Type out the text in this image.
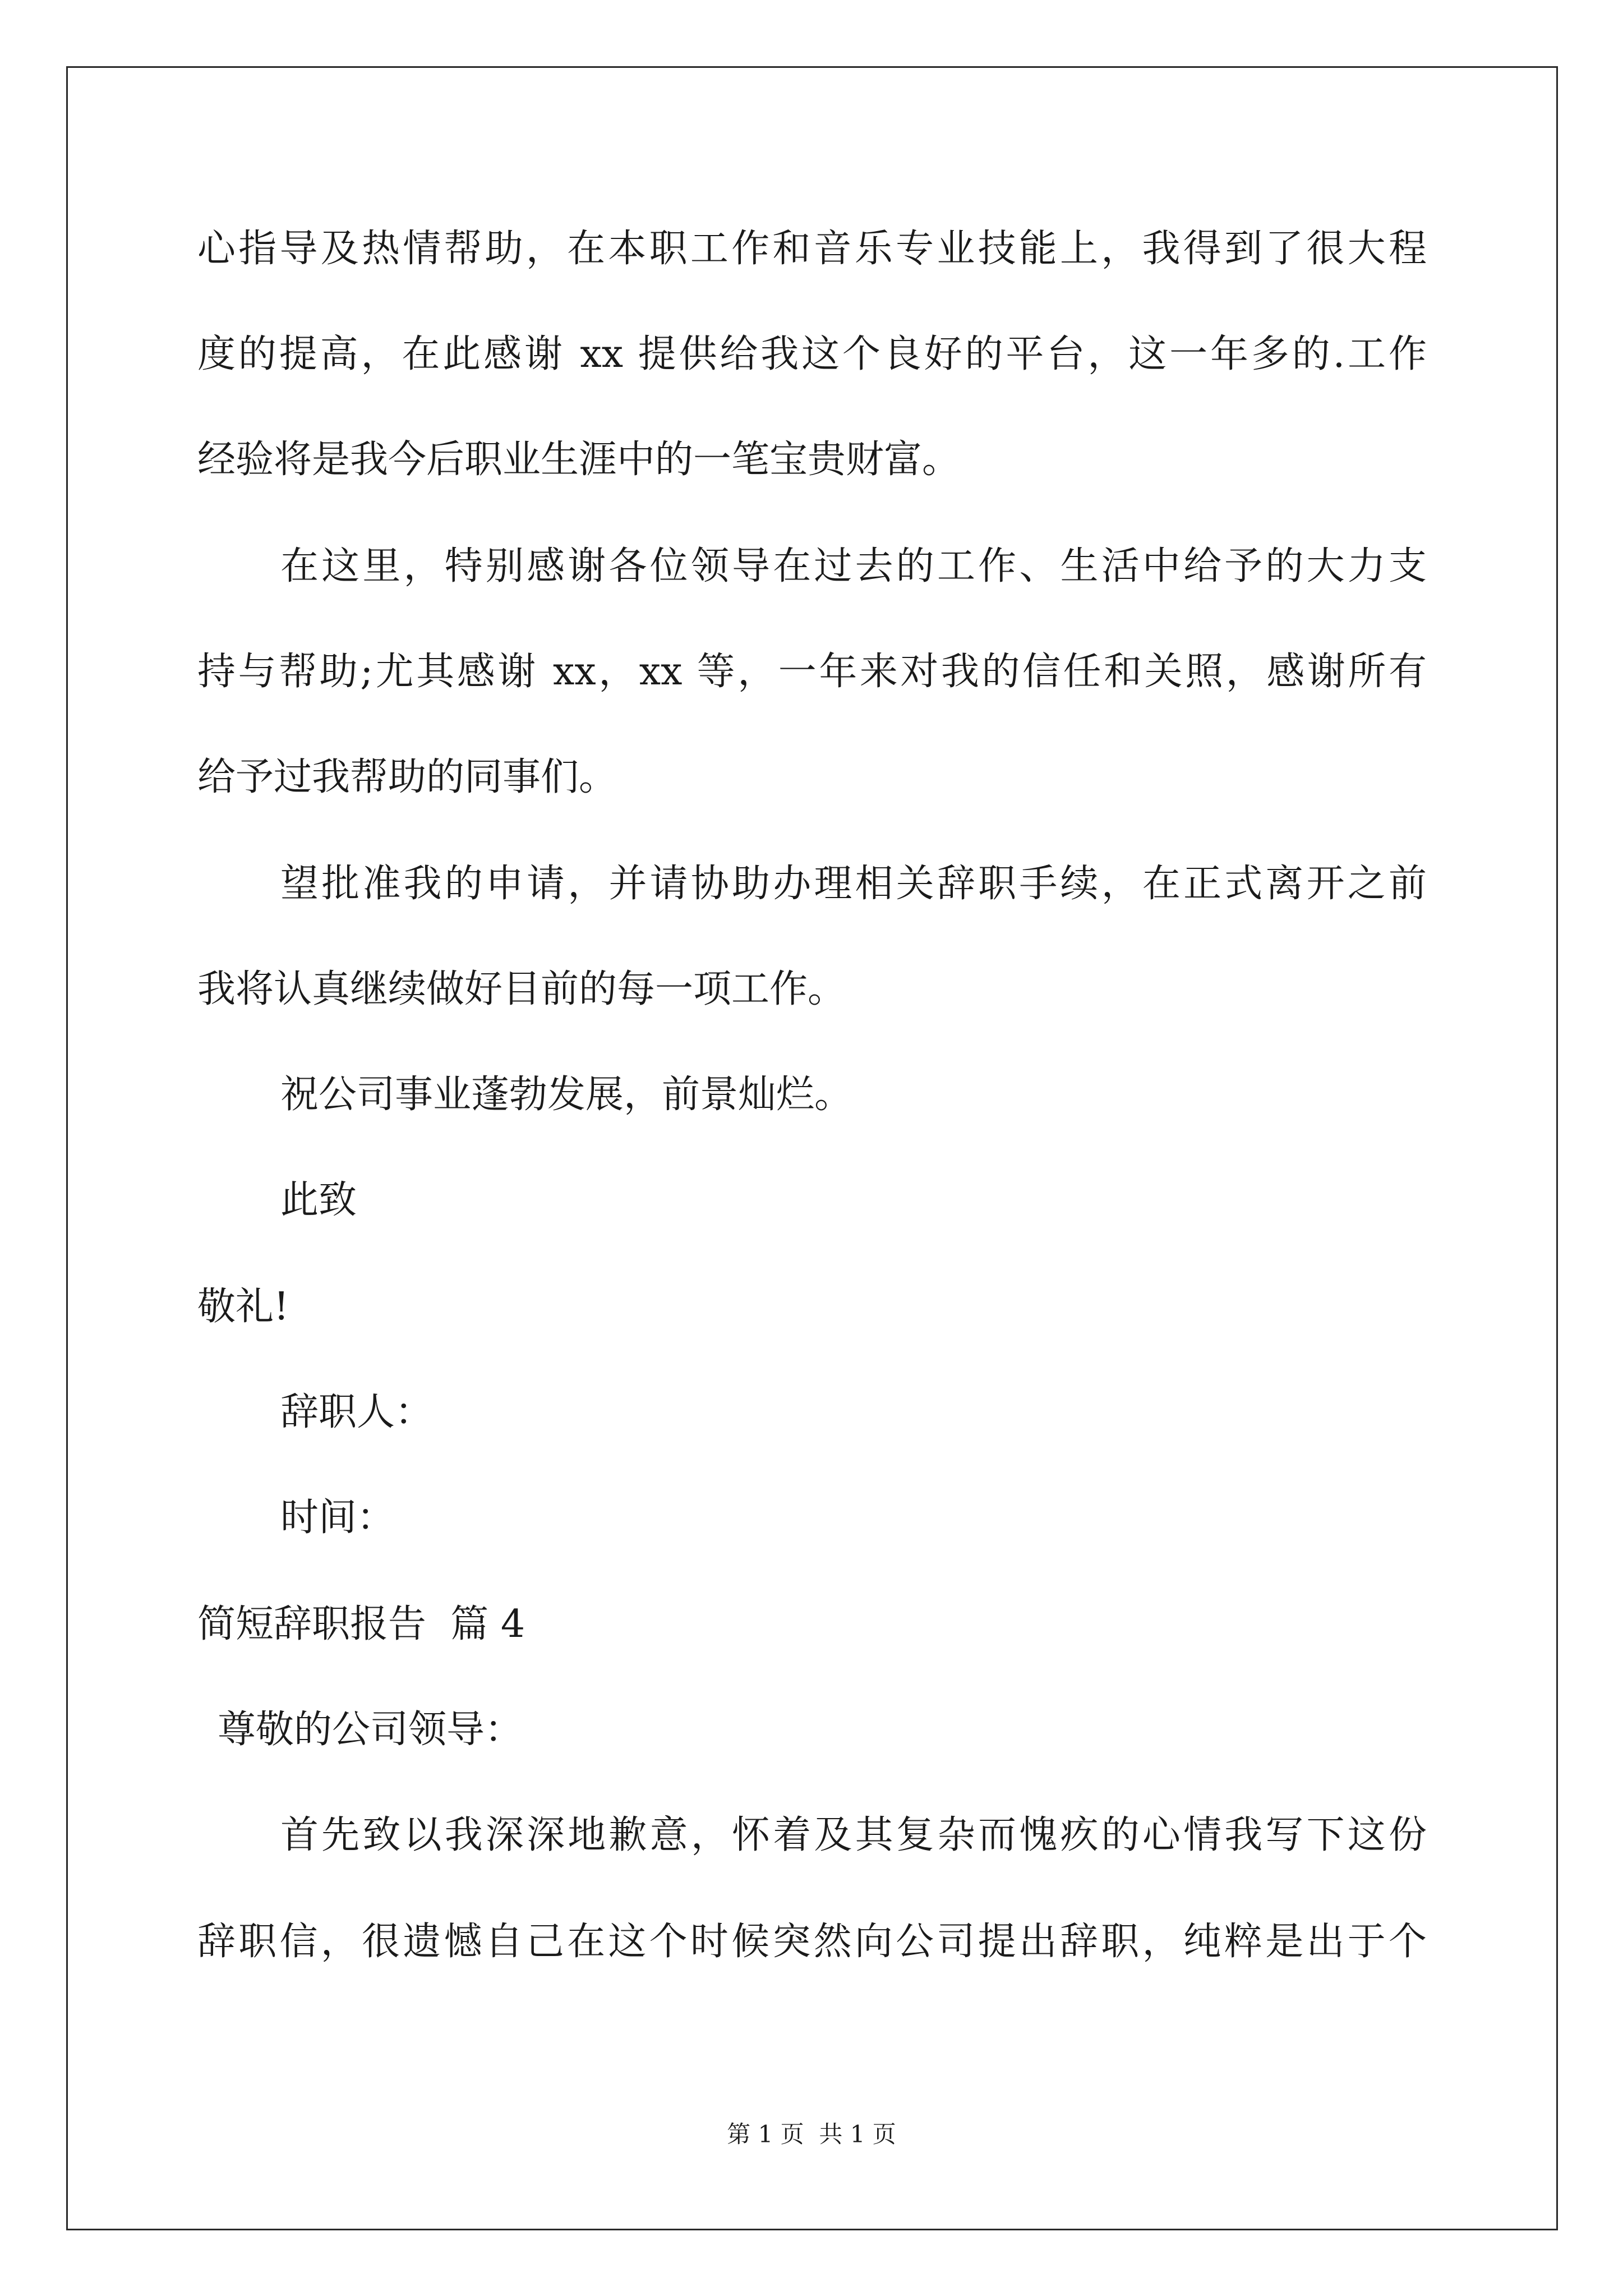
心指导及热情帮助，在本职工作和音乐专业技能上，我得到了很大程
度的提高，在此感谢 xx 提供给我这个良好的平台，这一年多的.工作
经验将是我今后职业生涯中的一笔宝贵财富。
在这里，特别感谢各位领导在过去的工作、生活中给予的大力支
持与帮助;尤其感谢 xx，xx 等，一年来对我的信任和关照，感谢所有
给予过我帮助的同事们。
望批准我的申请，并请协助办理相关辞职手续，在正式离开之前
我将认真继续做好目前的每一项工作。
祝公司事业蓬勃发展，前景灿烂。
此致
敬礼!
辞职人：
时间：
简短辞职报告  篇 4
尊敬的公司领导：
首先致以我深深地歉意，怀着及其复杂而愧疚的心情我写下这份
辞职信，很遗憾自己在这个时候突然向公司提出辞职，纯粹是出于个
第 1 页  共 1 页
